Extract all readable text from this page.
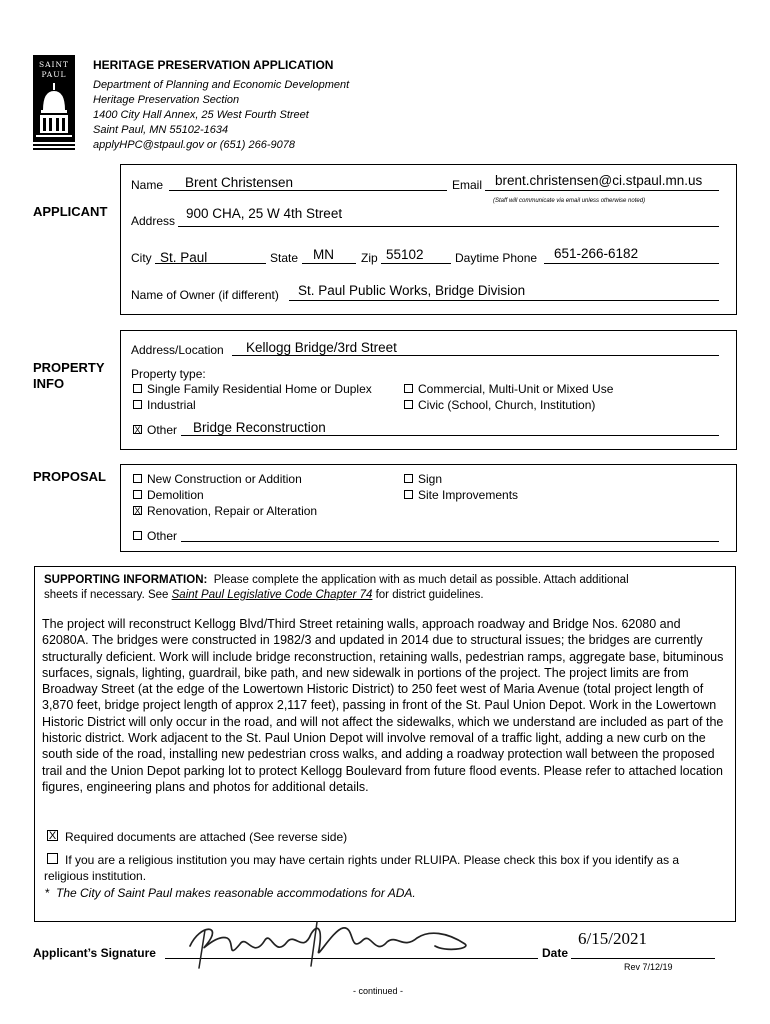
SAINT
PAUL
HERITAGE PRESERVATION APPLICATION
Department of Planning and Economic Development
Heritage Preservation Section
1400 City Hall Annex, 25 West Fourth Street
Saint Paul, MN 55102-1634
applyHPC@stpaul.gov or (651) 266-9078
APPLICANT
Name Brent Christensen	Email brent.christensen@ci.stpaul.mn.us
(Staff will communicate via email unless otherwise noted)
Address 900 CHA, 25 W 4th Street
City St. Paul	State MN Zip 55102	Daytime Phone 651-266-6182
Name of Owner (if different) St. Paul Public Works, Bridge Division
PROPERTY
INFO
Address/Location Kellogg Bridge/3rd Street
Property type:
Single Family Residential Home or Duplex
Industrial
Commercial, Multi-Unit or Mixed Use
Civic (School, Church, Institution)
X Other Bridge Reconstruction
PROPOSAL	New Construction or Addition
Demolition
X Renovation, Repair or Alteration
Sign
Site Improvements
Other
SUPPORTING INFORMATION: Please complete the application with as much detail as possible. Attach additional
sheets if necessary. See Saint Paul Legislative Code Chapter 74 for district guidelines.
The project will reconstruct Kellogg Blvd/Third Street retaining walls, approach roadway and Bridge Nos. 62080 and 62080A. The bridges were constructed in 1982/3 and updated in 2014 due to structural issues; the bridges are currently structurally deficient. Work will include bridge reconstruction, retaining walls, pedestrian ramps, aggregate base, bituminous surfaces, signals, lighting, guardrail, bike path, and new sidewalk in portions of the project. The project limits are from Broadway Street (at the edge of the Lowertown Historic District) to 250 feet west of Maria Avenue (total project length of 3,870 feet, bridge project length of approx 2,117 feet), passing in front of the St. Paul Union Depot. Work in the Lowertown Historic District will only occur in the road, and will not affect the sidewalks, which we understand are included as part of the historic district. Work adjacent to the St. Paul Union Depot will involve removal of a traffic light, adding a new curb on the south side of the road, installing new pedestrian cross walks, and adding a roadway protection wall between the proposed trail and the Union Depot parking lot to protect Kellogg Boulevard from future flood events. Please refer to attached location figures, engineering plans and photos for additional details.
X Required documents are attached (See reverse side)
If you are a religious institution you may have certain rights under RLUIPA. Please check this box if you identify as a
religious institution.
* The City of Saint Paul makes reasonable accommodations for ADA.
Applicant’s Signature	Date
6/15/2021
Rev 7/12/19
- continued -
